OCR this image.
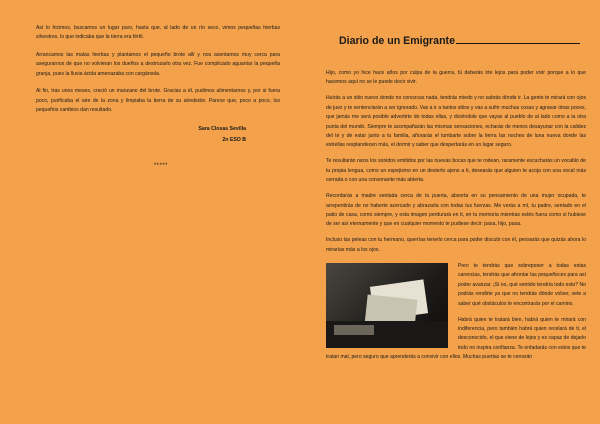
Así lo hicimos, buscamos un lugar puro, hasta que, al lado de un río seco, vimos pequeñas hierbas silvestres, lo que indicaba que la tierra era fértil.

Arrancamos las malas hierbas y plantamos el pequeño brote allí y nos asentamos muy cerca para asegurarnos de que no volvieran los dueños a destrozarlo otra vez. Fue complicado aguantar la pequeña granja, pues la lluvia ácida amenazaba con cargársela.

Al fin, tras unos meses, creció un manzano del brote. Gracias a él, pudimos alimentarnos y, por si fuera poco, purificaba el aire de la zona y limpiaba la tierra de su alrededor. Parece que, poco a poco, los pequeños cambios dan resultado.

Sara Closas Sevilla
2n ESO B
*****
Diario de un Emigrante

Hijo, como yo hice hace años por culpa de la guerra, tú deberás irte lejos para poder vivir porque a lo que hacemos aquí no se le puede decir vivir.

Huirás a un sitio nuevo donde no conozcas nada, tendrás miedo y no sabrás dónde ir. La gente te mirará con ojos de juez y te sentenciarán a ser ignorado. Vas a ir a tantos sitios y vas a sufrir muchas cosas y agravar otras poces, que jamás me será posible advertirte de todas ellas, y diciéndole que vayas al pueblo de al lado como a la otra punta del mundo. Siempre te acompañarán las mismas sensaciones, echarás de menos desayunar con la calidez del té y de estar junto a tu familia, añorarás el tumbarte sobre la tierra las noches de luna nueva donde las estrellas resplandecen más, el dormir y saber que despertarás en un lugar seguro.

Te resultarán raros los sonidos emitidos por las nuevas bocas que te rodean, raramente escucharás un vocablo de tu propia lengua, como un espejismo en un desierto ajeno a ti, desearás que alguien te acoja con una vocal más cerrada o con una consonante más abierta.

Recordarás a madre sentada cerca de la puerta, absorta en su pensamiento de una mujer ocupada, te arrepentirás de no haberte acercado y abrazarla con todas tus fuerzas. Me verás a mí, tu padre, sentado en el patio de casa, como siempre, y esta imagen perdurará en ti, en tu memoria mientras estés fuera como si hubiese de ser así eternamente y que en cualquier momento te pudiese decir: pasa, hijo, pasa.

Incluso las peleas con tu hermano, querrías tenerlo cerca para poder discutir con él, pensarás que quizás ahora lo mirarías más a los ojos.

Pero te tendrás que sobreponer a todas estas carencias, tendrás que afrontar las pequeñeces para así poder avanzar. ¡Si no, qué sentido tendría todo esto? No podrás rendirte ya que no tendrás dónde volver, vete a saber qué obstáculos te encontrarás por el camino.

Habrá quien te tratará bien, habrá quien te mirará con indiferencia, pero también habrá quien recelará de ti, el desconocido, el que viene de lejos y es capaz de dejarlo todo no inspira confianza. Te enfadarás con estos que te tratan mal, pero seguro que aprenderás a convivir con ellos. Muchas puertas se te cerrarán
